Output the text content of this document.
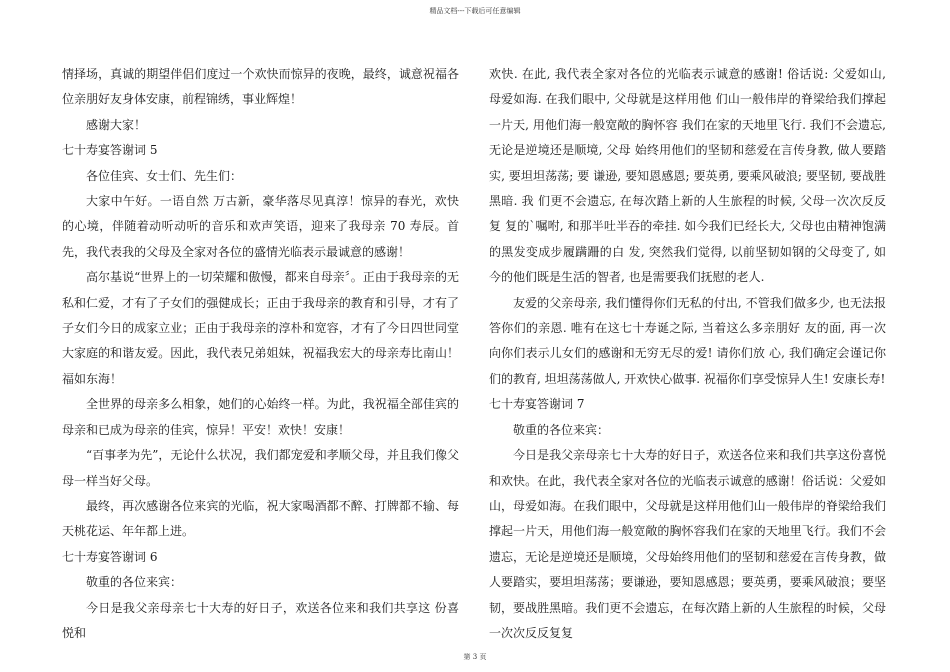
精品文档---下载后可任意编辑

情择场，真诚的期望伴侣们度过一个欢快而惊异的夜晚，最终，诚意祝福各位亲朋好友身体安康，前程锦绣，事业辉煌！

感谢大家！

七十寿宴答谢词 5

各位佳宾、女士们、先生们：

大家中午好。一语自然 万古新，豪华落尽见真淳！惊异的春光，欢快的心境，伴随着动听动听的音乐和欢声笑语，迎来了我母亲 70 寿辰。首先，我代表我的父母及全家对各位的盛情光临表示最诚意的感谢！

高尔基说“世界上的一切荣耀和傲慢，都来自母亲〞。正由于我母亲的无私和仁爱，才有了子女们的强健成长；正由于我母亲的教育和引导，才有了子女们今日的成家立业；正由于我母亲的淳朴和宽容，才有了今日四世同堂大家庭的和谐友爱。因此，我代表兄弟姐妹，祝福我宏大的母亲寿比南山！福如东海！

全世界的母亲多么相象，她们的心始终一样。为此，我祝福全部佳宾的母亲和已成为母亲的佳宾，惊异！平安！欢快！安康！

“百事孝为先”，无论什么状况，我们都宠爱和孝顺父母，并且我们像父母一样当好父母。

最终，再次感谢各位来宾的光临，祝大家喝酒都不醉、打牌都不输、每天桃花运、年年都上进。

七十寿宴答谢词 6

敬重的各位来宾：

今日是我父亲母亲七十大寿的好日子，欢送各位来和我们共享这 份喜悦和

欢快. 在此, 我代表全家对各位的光临表示诚意的感谢! 俗话说: 父爱如山, 母爱如海. 在我们眼中, 父母就是这样用他 们山一般伟岸的脊梁给我们撑起一片天, 用他们海一般宽敞的胸怀容 我们在家的天地里飞行. 我们不会遗忘, 无论是逆境还是顺境, 父母 始终用他们的坚韧和慈爱在言传身教, 做人要踏实, 要坦坦荡荡; 要 谦逊, 要知恩感恩; 要英勇, 要乘风破浪; 要坚韧, 要战胜黑暗. 我 们更不会遗忘, 在每次踏上新的人生旅程的时候, 父母一次次反反复 复的`嘱咐, 和那半吐半吞的牵挂. 如今我们已经长大, 父母也由精神饱满的黑发变成步履蹒跚的白 发, 突然我们觉得, 以前坚韧如钢的父母变了, 如今的他们既是生活的智者, 也是需要我们抚慰的老人.

友爱的父亲母亲, 我们懂得你们无私的付出, 不管我们做多少, 也无法报答你们的亲恩. 唯有在这七十寿诞之际, 当着这么多亲朋好 友的面, 再一次向你们表示儿女们的感谢和无穷无尽的爱! 请你们放 心, 我们确定会谨记你们的教育, 坦坦荡荡做人, 开欢快心做事. 祝福你们享受惊异人生! 安康长寿!

七十寿宴答谢词 7

敬重的各位来宾：

今日是我父亲母亲七十大寿的好日子，欢送各位来和我们共享这份喜悦和欢快。在此，我代表全家对各位的光临表示诚意的感谢！俗话说：父爱如山，母爱如海。在我们眼中，父母就是这样用他们山一般伟岸的脊梁给我们撑起一片天，用他们海一般宽敞的胸怀容我们在家的天地里飞行。我们不会遗忘，无论是逆境还是顺境，父母始终用他们的坚韧和慈爱在言传身教，做人要踏实，要坦坦荡荡；要谦逊，要知恩感恩；要英勇，要乘风破浪；要坚韧，要战胜黑暗。我们更不会遗忘，在每次踏上新的人生旅程的时候，父母一次次反反复复

第 3 页
